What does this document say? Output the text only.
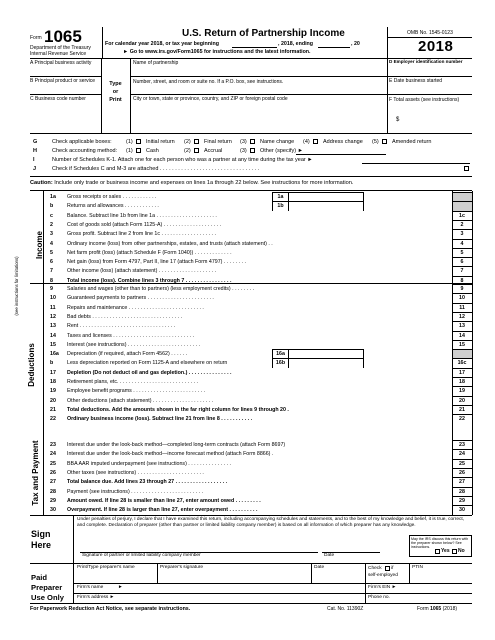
Form 1065
Department of the Treasury
Internal Revenue Service
U.S. Return of Partnership Income
For calendar year 2018, or tax year beginning	, 2018, ending	, 20
► Go to www.irs.gov/Form1065 for instructions and the latest information.
OMB No. 1545-0123
2018
A Principal business activity
B Principal product or service
C Business code number
Type
or
Print
Name of partnership
Number, street, and room or suite no. If a P.O. box, see instructions.
City or town, state or province, country, and ZIP or foreign postal code
D Employer identification number
E Date business started
F Total assets (see instructions)
$
G	Check applicable boxes:	(1) Initial return (2) Final return (3) Name change (4) Address change (5) Amended return
H	Check accounting method: (1) Cash	(2) Accrual	(3) Other (specify) ►
I	Number of Schedules K-1. Attach one for each person who was a partner at any time during the tax year ►
J	Check if Schedules C and M-3 are attached . . . . . . . . . . . . . . . . . . . . . . . . . . . . . . . . .
Caution: Include only trade or business income and expenses on lines 1a through 22 below. See instructions for more information.
1a Gross receipts or sales . . . . . . . . . . . .	1a
b	Returns and allowances . . . . . . . . . . . .	1b
c	Balance. Subtract line 1b from line 1a . . . . . . . . . . . . . . . . . . . . .	1c
2	Cost of goods sold (attach Form 1125-A) . . . . . . . . . . . . . . . . . . . .	2
3	Gross profit. Subtract line 2 from line 1c . . . . . . . . . . . . . . . . . . .	3
4	Ordinary income (loss) from other partnerships, estates, and trusts (attach statement) . .	4
5	Net farm profit (loss) (attach Schedule F (Form 1040)) . . . . . . . . . . . . .	5
6	Net gain (loss) from Form 4797, Part II, line 17 (attach Form 4797) . . . . . . . .	6
7	Other income (loss) (attach statement) . . . . . . . . . . . . . . . . . . . .	7
8	Total income (loss). Combine lines 3 through 7 . . . . . . . . . . . . . . . .	8
9	Salaries and wages (other than to partners) (less employment credits) . . . . . . . .	9
10 Guaranteed payments to partners . . . . . . . . . . . . . . . . . . . . . . .	10
11 Repairs and maintenance . . . . . . . . . . . . . . . . . . . . . . . . . .	11
12 Bad debts . . . . . . . . . . . . . . . . . . . . . . . . . . . . . . .	12
13 Rent . . . . . . . . . . . . . . . . . . . . . . . . . . . . . . . . .	13
14 Taxes and licenses . . . . . . . . . . . . . . . . . . . . . . . . . . . .	14
15 Interest (see instructions) . . . . . . . . . . . . . . . . . . . . . . . . .	15
16a Depreciation (if required, attach Form 4562) . . . . . .	16a
b	Less depreciation reported on Form 1125-A and elsewhere on return	16b	16c
17 Depletion (Do not deduct oil and gas depletion.) . . . . . . . . . . . . . . .	17
18 Retirement plans, etc. . . . . . . . . . . . . . . . . . . . . . . . . . . .	18
19 Employee benefit programs . . . . . . . . . . . . . . . . . . . . . . . . .	19
20 Other deductions (attach statement) . . . . . . . . . . . . . . . . . . . . .	20
21 Total deductions. Add the amounts shown in the far right column for lines 9 through 20 .	21
22 Ordinary business income (loss). Subtract line 21 from line 8 . . . . . . . . . . .	22
23 Interest due under the look-back method—completed long-term contracts (attach Form 8697)	23
24 Interest due under the look-back method—income forecast method (attach Form 8866) .	24
25 BBA AAR imputed underpayment (see instructions) . . . . . . . . . . . . . . .	25
26 Other taxes (see instructions) . . . . . . . . . . . . . . . . . . . . . . .	26
27 Total balance due. Add lines 23 through 27 . . . . . . . . . . . . . . . . . .	27
28 Payment (see instructions) . . . . . . . . . . . . . . . . . . . . . . . . .	28
29 Amount owed. If line 28 is smaller than line 27, enter amount owed . . . . . . . . .	29
30 Overpayment. If line 28 is larger than line 27, enter overpayment . . . . . . . . . .	30
Income
Deductions
(see instructions for limitations)
Tax and Payment
Sign
Here
Under penalties of perjury, I declare that I have examined this return, including accompanying schedules and statements, and to the best of my knowledge and belief, it is true, correct, and complete. Declaration of preparer (other than partner or limited liability company member) is based on all information of which preparer has any knowledge.
Signature of partner or limited liability company member	Date
May the IRS discuss this return with the preparer shown below? See instructions.
Yes No
Paid
Preparer
Use Only
Print/Type preparer's name	Preparer's signature	Date	Check if
self-employed
PTIN
Firm's name	►	Firm's EIN ►
Firm's address ►	Phone no.
For Paperwork Reduction Act Notice, see separate instructions.	Cat. No. 11390Z	Form 1065 (2018)
